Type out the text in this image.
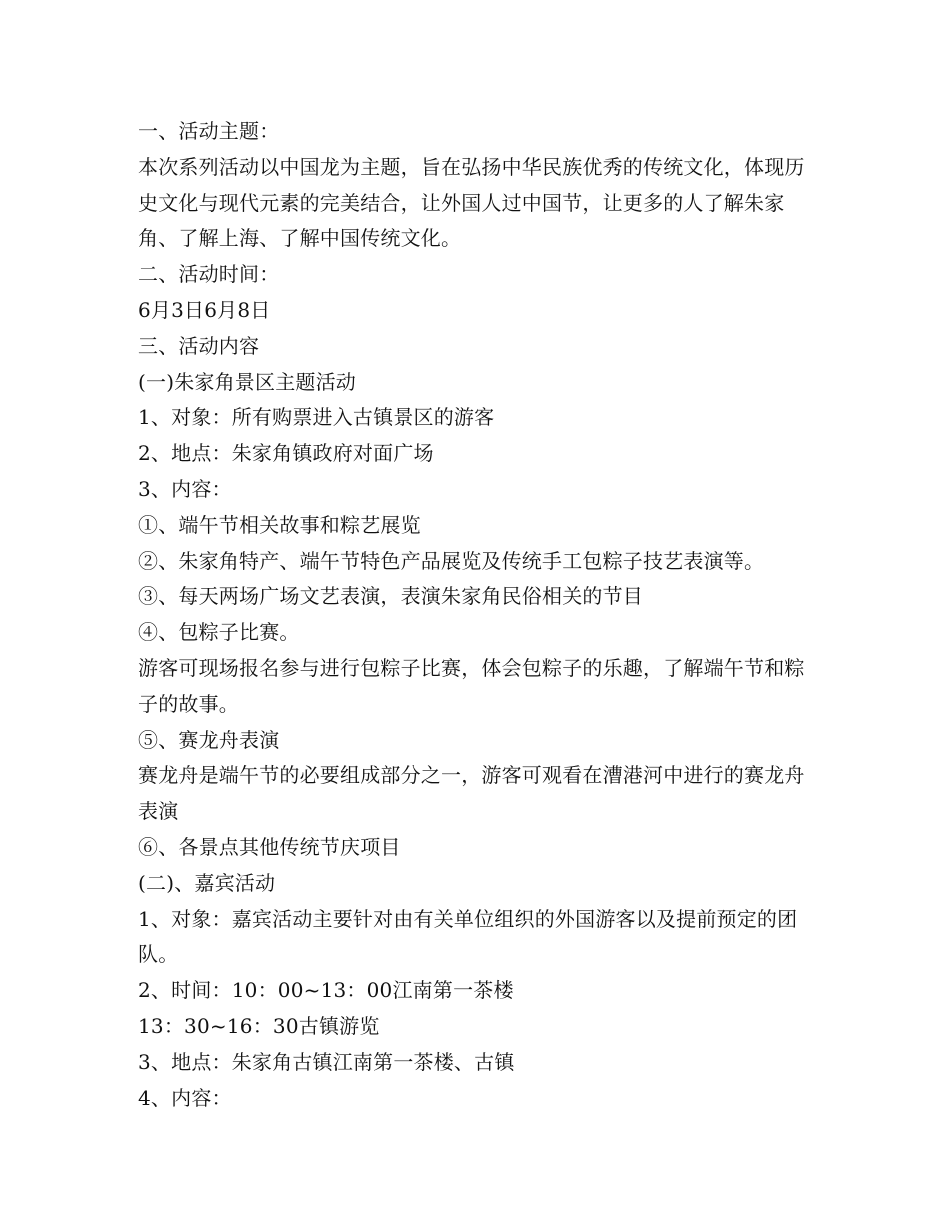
一、活动主题：

本次系列活动以中国龙为主题，旨在弘扬中华民族优秀的传统文化，体现历史文化与现代元素的完美结合，让外国人过中国节，让更多的人了解朱家角、了解上海、了解中国传统文化。

二、活动时间：

6月3日6月8日

三、活动内容

(一)朱家角景区主题活动

1、对象：所有购票进入古镇景区的游客

2、地点：朱家角镇政府对面广场

3、内容：

①、端午节相关故事和粽艺展览

②、朱家角特产、端午节特色产品展览及传统手工包粽子技艺表演等。

③、每天两场广场文艺表演，表演朱家角民俗相关的节目

④、包粽子比赛。

游客可现场报名参与进行包粽子比赛，体会包粽子的乐趣，了解端午节和粽子的故事。

⑤、赛龙舟表演

赛龙舟是端午节的必要组成部分之一，游客可观看在漕港河中进行的赛龙舟表演

⑥、各景点其他传统节庆项目

(二)、嘉宾活动

1、对象：嘉宾活动主要针对由有关单位组织的外国游客以及提前预定的团队。

2、时间：10：00~13：00江南第一茶楼

13：30~16：30古镇游览

3、地点：朱家角古镇江南第一茶楼、古镇

4、内容：
